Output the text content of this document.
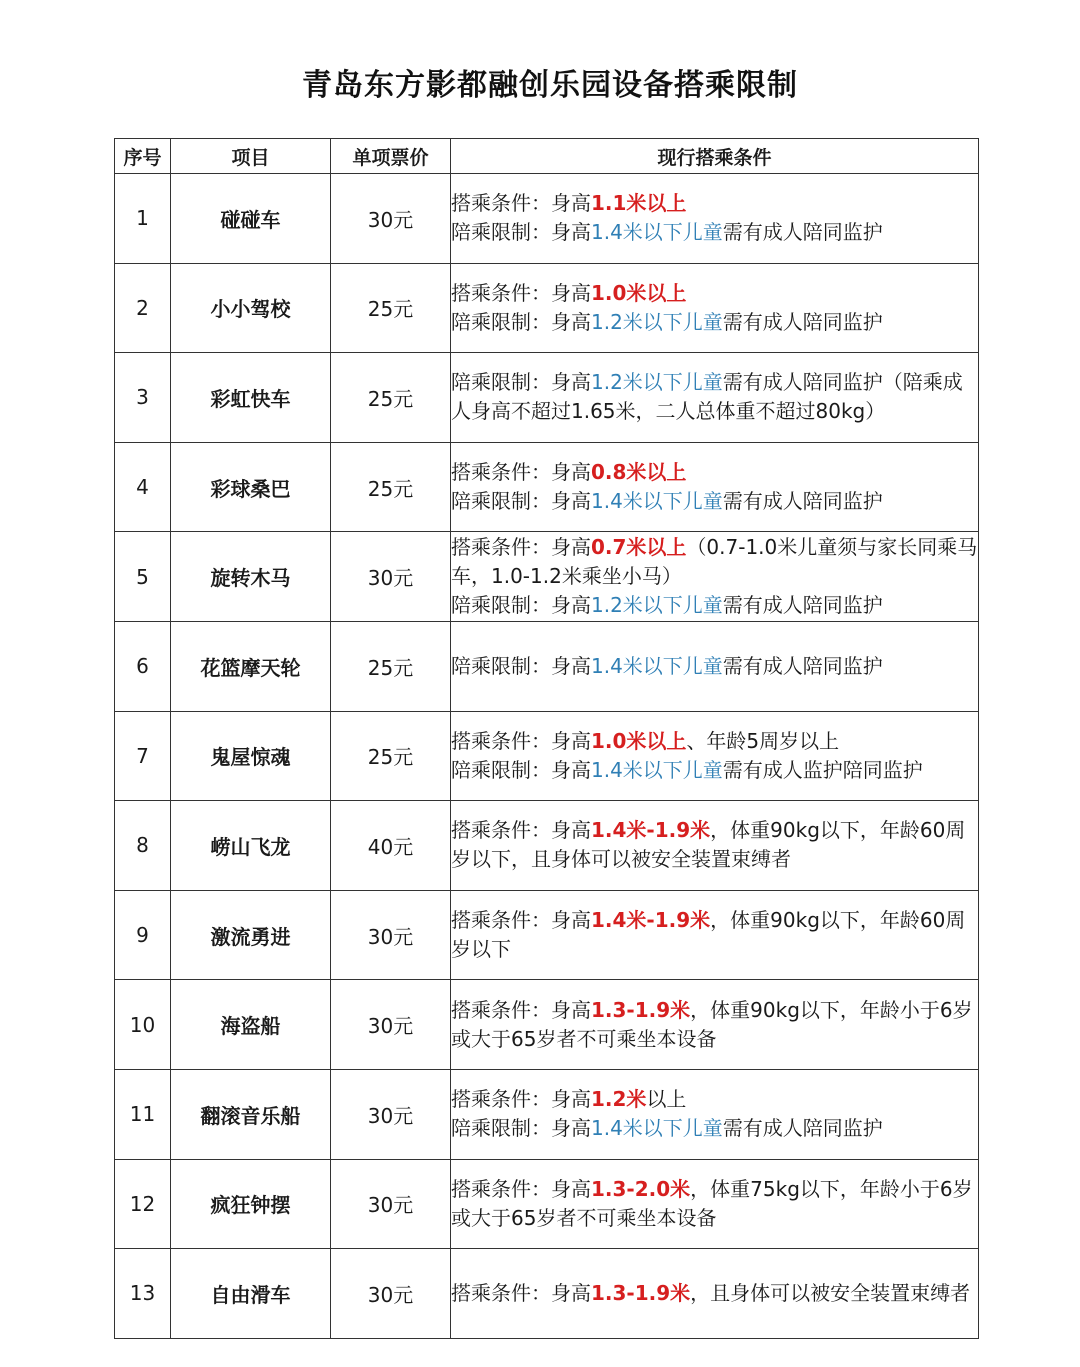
青岛东方影都融创乐园设备搭乘限制
序号	项目	单项票价	现行搭乘条件
1	碰碰车	30元	搭乘条件：身高1.1米以上
陪乘限制：身高1.4米以下儿童需有成人陪同监护

2	小小驾校	25元	搭乘条件：身高1.0米以上
陪乘限制：身高1.2米以下儿童需有成人陪同监护

3	彩虹快车	25元	陪乘限制：身高1.2米以下儿童需有成人陪同监护（陪乘成人身高不超过1.65米，二人总体重不超过80kg）

4	彩球桑巴	25元	搭乘条件：身高0.8米以上
陪乘限制：身高1.4米以下儿童需有成人陪同监护

5	旋转木马	30元	搭乘条件：身高0.7米以上（0.7-1.0米儿童须与家长同乘马车，1.0-1.2米乘坐小马）
陪乘限制：身高1.2米以下儿童需有成人陪同监护

6	花篮摩天轮	25元	陪乘限制：身高1.4米以下儿童需有成人陪同监护

7	鬼屋惊魂	25元	搭乘条件：身高1.0米以上、年龄5周岁以上
陪乘限制：身高1.4米以下儿童需有成人监护陪同监护

8	崂山飞龙	40元	搭乘条件：身高1.4米-1.9米，体重90kg以下，年龄60周岁以下，且身体可以被安全装置束缚者

9	激流勇进	30元	搭乘条件：身高1.4米-1.9米，体重90kg以下，年龄60周岁以下

10	海盗船	30元	搭乘条件：身高1.3-1.9米，体重90kg以下，年龄小于6岁或大于65岁者不可乘坐本设备

11	翻滚音乐船	30元	搭乘条件：身高1.2米以上
陪乘限制：身高1.4米以下儿童需有成人陪同监护

12	疯狂钟摆	30元	搭乘条件：身高1.3-2.0米，体重75kg以下，年龄小于6岁或大于65岁者不可乘坐本设备

13	自由滑车	30元	搭乘条件：身高1.3-1.9米，且身体可以被安全装置束缚者
